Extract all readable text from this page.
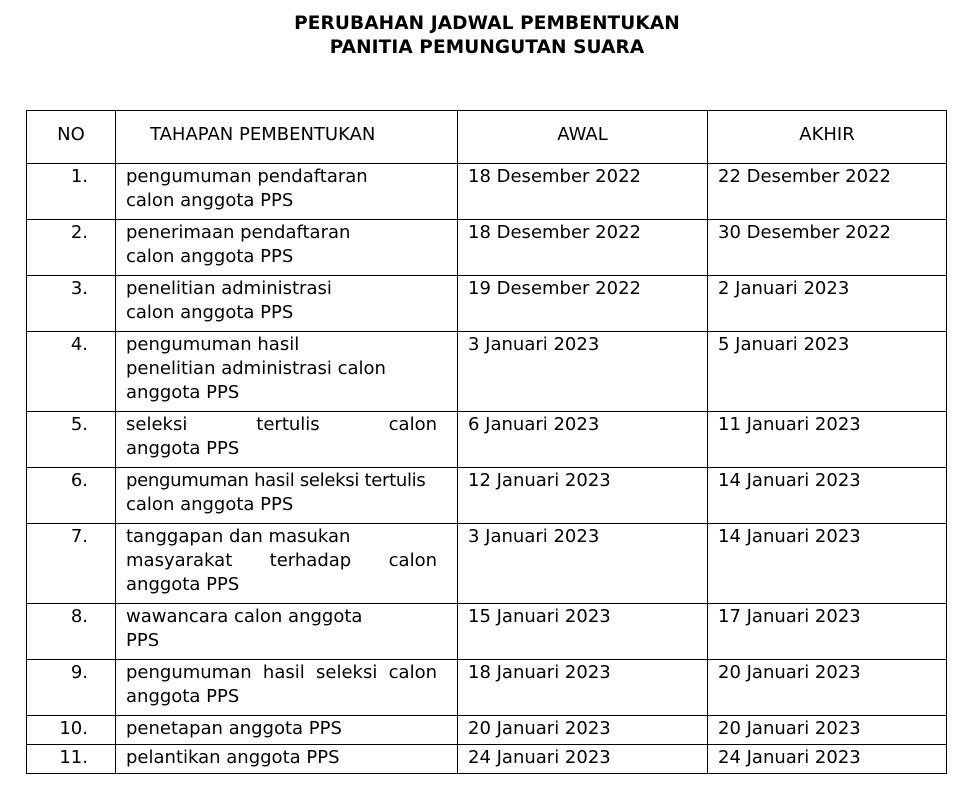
PERUBAHAN JADWAL PEMBENTUKAN
PANITIA PEMUNGUTAN SUARA
NO	TAHAPAN PEMBENTUKAN	AWAL	AKHIR
1.	pengumuman pendaftaran
calon anggota PPS	18 Desember 2022	22 Desember 2022
2.	penerimaan pendaftaran
calon anggota PPS	18 Desember 2022	30 Desember 2022
3.	penelitian administrasi
calon anggota PPS	19 Desember 2022	2 Januari 2023
4.	pengumuman hasil
penelitian administrasi calon
anggota PPS	3 Januari 2023	5 Januari 2023
5.	seleksi tertulis calon
anggota PPS	6 Januari 2023	11 Januari 2023
6.	pengumuman hasil seleksi tertulis
calon anggota PPS	12 Januari 2023	14 Januari 2023
7.	tanggapan dan masukan
masyarakat terhadap calon
anggota PPS	3 Januari 2023	14 Januari 2023
8.	wawancara calon anggota
PPS	15 Januari 2023	17 Januari 2023
9.	pengumuman hasil seleksi calon
anggota PPS	18 Januari 2023	20 Januari 2023
10.	penetapan anggota PPS	20 Januari 2023	20 Januari 2023
11.	pelantikan anggota PPS	24 Januari 2023	24 Januari 2023
